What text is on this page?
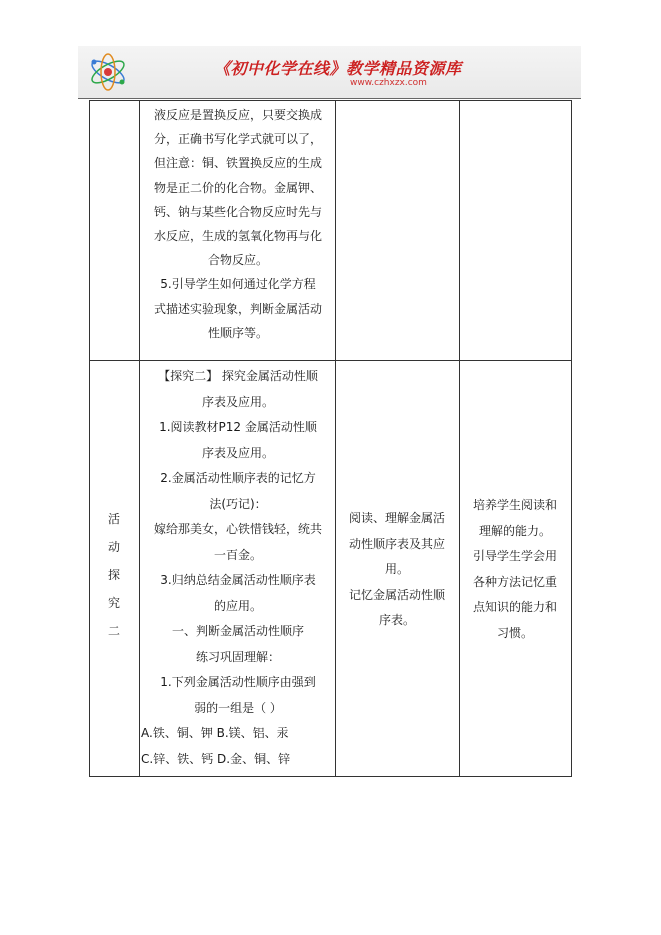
《初中化学在线》教学精品资源库
www.czhxzx.com

液反应是置换反应，只要交换成

分，正确书写化学式就可以了，

但注意：铜、铁置换反应的生成

物是正二价的化合物。金属钾、

钙、钠与某些化合物反应时先与

水反应，生成的氢氧化物再与化

合物反应。

5.引导学生如何通过化学方程

式描述实验现象，判断金属活动

性顺序等。

活
动
探
究
二

【探究二】 探究金属活动性顺

序表及应用。

1.阅读教材P12 金属活动性顺

序表及应用。

2.金属活动性顺序表的记忆方

法(巧记)：

嫁给那美女，心铁惜钱轻，统共

一百金。

3.归纳总结金属活动性顺序表

的应用。

一、判断金属活动性顺序

练习巩固理解：

1.下列金属活动性顺序由强到

弱的一组是（ ）

A.铁、铜、钾 B.镁、铝、汞

C.锌、铁、钙 D.金、铜、锌

阅读、理解金属活

动性顺序表及其应

用。

记忆金属活动性顺

序表。

培养学生阅读和

理解的能力。

引导学生学会用

各种方法记忆重

点知识的能力和

习惯。
